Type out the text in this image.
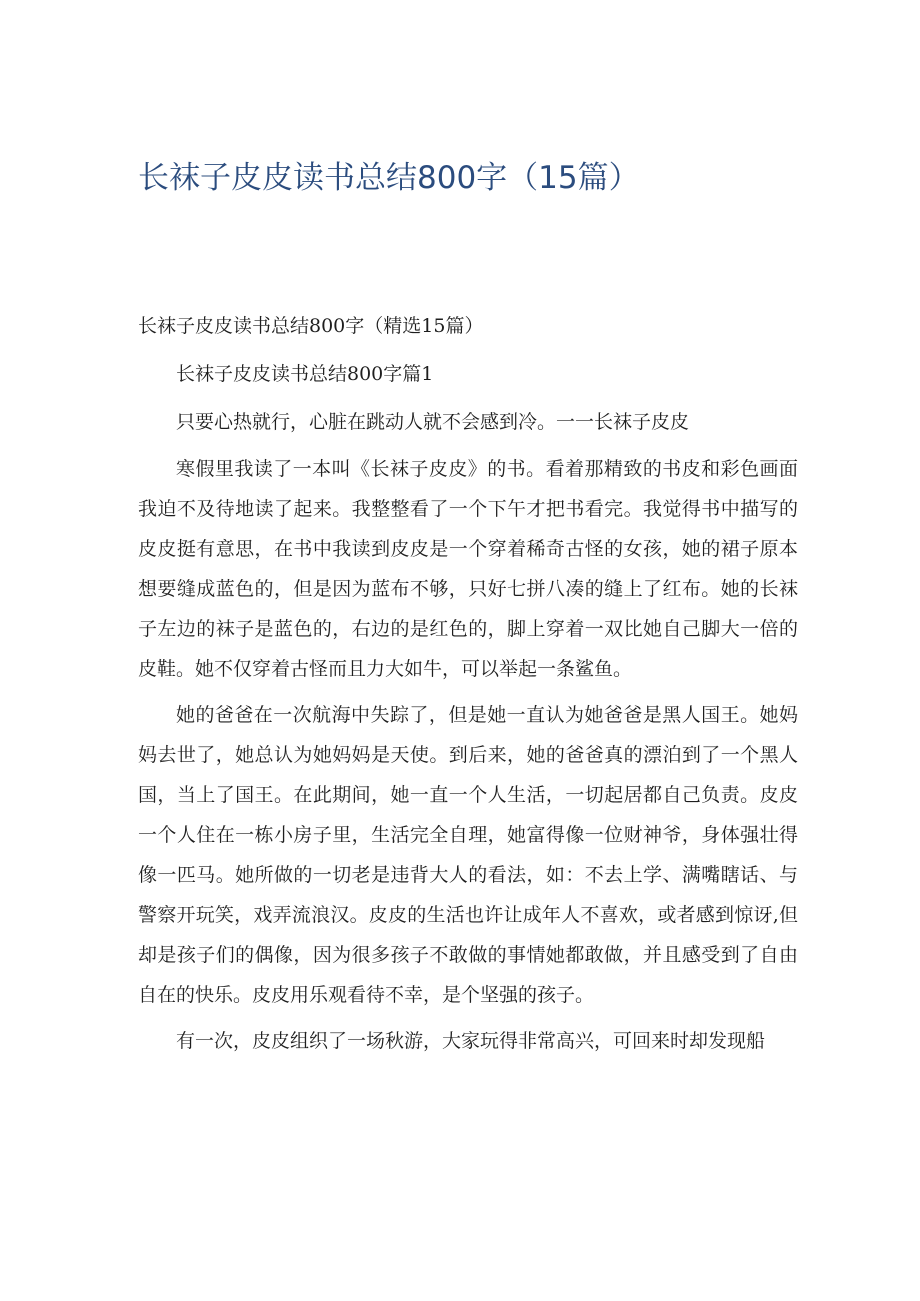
长袜子皮皮读书总结800字（15篇）

长袜子皮皮读书总结800字（精选15篇）

长袜子皮皮读书总结800字篇1

只要心热就行，心脏在跳动人就不会感到冷。一一长袜子皮皮

寒假里我读了一本叫《长袜子皮皮》的书。看着那精致的书皮和彩色画面我迫不及待地读了起来。我整整看了一个下午才把书看完。我觉得书中描写的皮皮挺有意思，在书中我读到皮皮是一个穿着稀奇古怪的女孩，她的裙子原本想要缝成蓝色的，但是因为蓝布不够，只好七拼八凑的缝上了红布。她的长袜子左边的袜子是蓝色的，右边的是红色的，脚上穿着一双比她自己脚大一倍的皮鞋。她不仅穿着古怪而且力大如牛，可以举起一条鲨鱼。

她的爸爸在一次航海中失踪了，但是她一直认为她爸爸是黑人国王。她妈妈去世了，她总认为她妈妈是天使。到后来，她的爸爸真的漂泊到了一个黑人国，当上了国王。在此期间，她一直一个人生活，一切起居都自己负责。皮皮一个人住在一栋小房子里，生活完全自理，她富得像一位财神爷，身体强壮得像一匹马。她所做的一切老是违背大人的看法，如：不去上学、满嘴瞎话、与警察开玩笑，戏弄流浪汉。皮皮的生活也许让成年人不喜欢，或者感到惊讶,但却是孩子们的偶像，因为很多孩子不敢做的事情她都敢做，并且感受到了自由自在的快乐。皮皮用乐观看待不幸，是个坚强的孩子。

有一次，皮皮组织了一场秋游，大家玩得非常高兴，可回来时却发现船
